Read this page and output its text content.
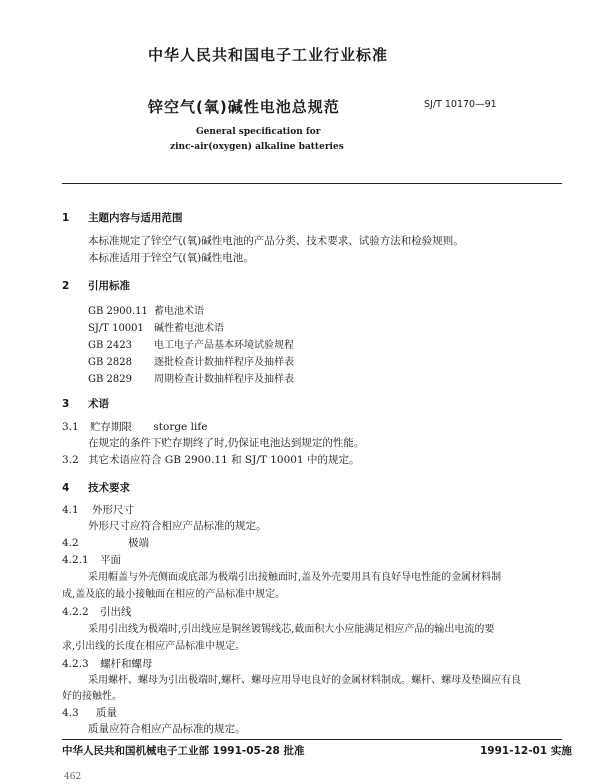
中华人民共和国电子工业行业标准
锌空气(氧)碱性电池总规范	SJ/T 10170—91
General specification for
zinc-air(oxygen) alkaline batteries
1 主题内容与适用范围
本标准规定了锌空气(氧)碱性电池的产品分类、技术要求、试验方法和检验规则。
本标准适用于锌空气(氧)碱性电池。
2 引用标准
GB 2900.11 蓄电池术语
SJ/T 10001 碱性蓄电池术语
GB 2423 电工电子产品基本环境试验规程
GB 2828 逐批检查计数抽样程序及抽样表
GB 2829 周期检查计数抽样程序及抽样表
3 术语
3.1 贮存期限 storge life
在规定的条件下贮存期终了时,仍保证电池达到规定的性能。
3.2 其它术语应符合 GB 2900.11 和 SJ/T 10001 中的规定。
4 技术要求
4.1 外形尺寸
外形尺寸应符合相应产品标准的规定。
4.2	极端
4.2.1 平面
采用帽盖与外壳侧面或底部为极端引出接触面时,盖及外壳要用具有良好导电性能的金属材料制
成,盖及底的最小接触面在相应的产品标准中规定。
4.2.2 引出线
采用引出线为极端时,引出线应是铜丝镀锡线芯,截面积大小应能满足相应产品的输出电流的要
求,引出线的长度在相应产品标准中规定。
4.2.3 螺杆和螺母
采用螺杆、螺母为引出极端时,螺杆、螺母应用导电良好的金属材料制成。螺杆、螺母及垫圈应有良
好的接触性。
4.3 质量
质量应符合相应产品标准的规定。
中华人民共和国机械电子工业部 1991-05-28 批准	1991-12-01 实施
462
